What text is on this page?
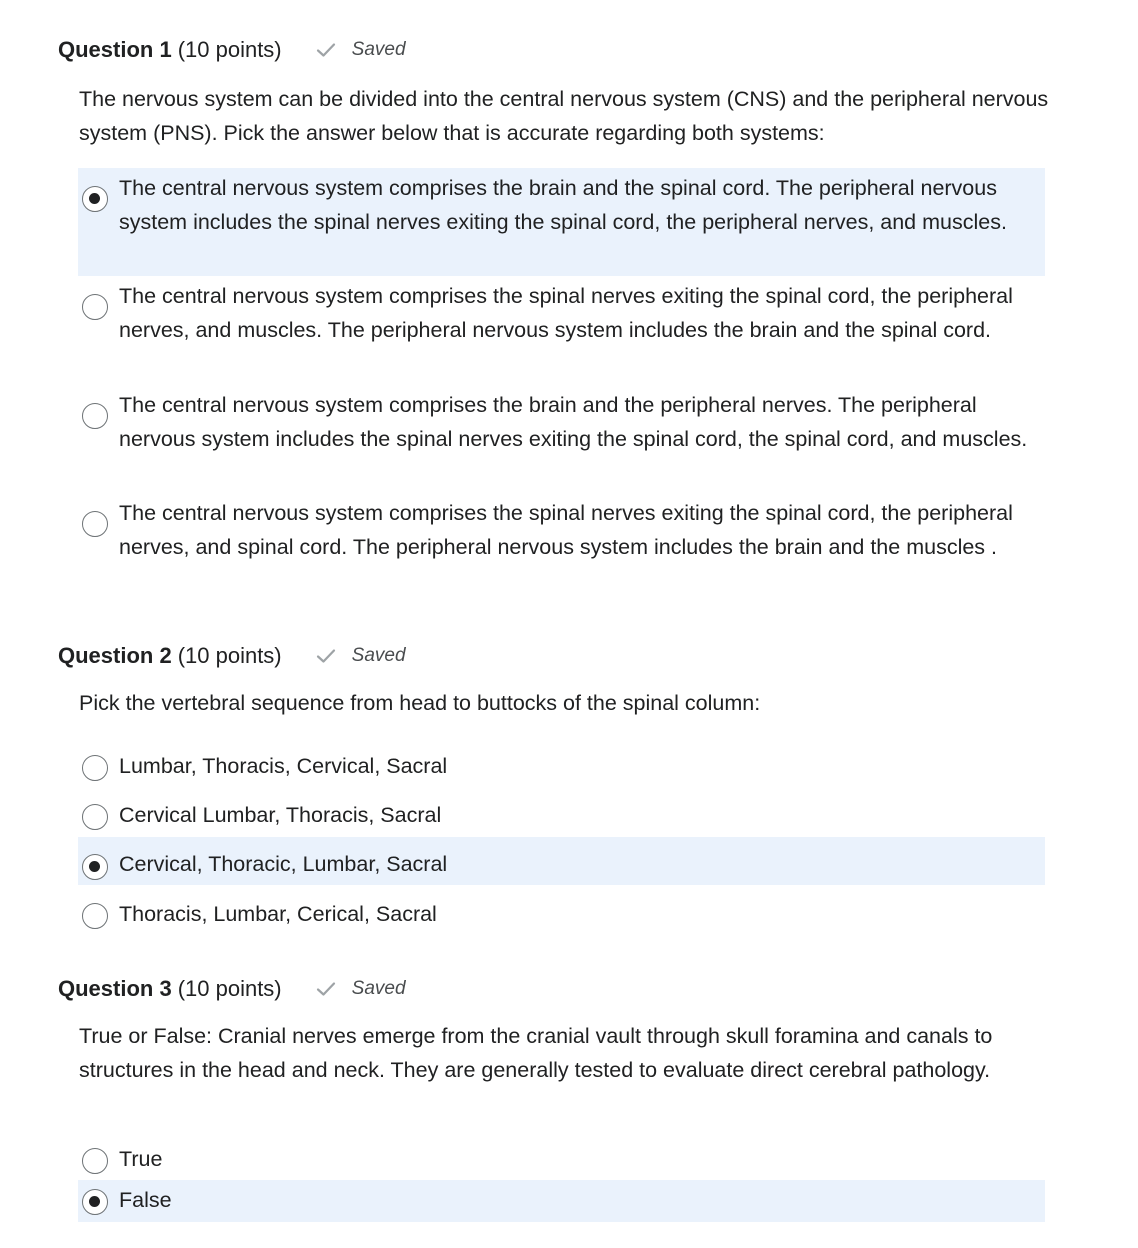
Question 1 (10 points)	Saved
The nervous system can be divided into the central nervous system (CNS) and the peripheral nervous system (PNS). Pick the answer below that is accurate regarding both systems:
The central nervous system comprises the brain and the spinal cord. The peripheral nervous system includes the spinal nerves exiting the spinal cord, the peripheral nerves, and muscles.
The central nervous system comprises the spinal nerves exiting the spinal cord, the peripheral nerves, and muscles. The peripheral nervous system includes the brain and the spinal cord.
The central nervous system comprises the brain and the peripheral nerves. The peripheral nervous system includes the spinal nerves exiting the spinal cord, the spinal cord, and muscles.
The central nervous system comprises the spinal nerves exiting the spinal cord, the peripheral nerves, and spinal cord. The peripheral nervous system includes the brain and the muscles .
Question 2 (10 points)	Saved
Pick the vertebral sequence from head to buttocks of the spinal column:
Lumbar, Thoracis, Cervical, Sacral
Cervical Lumbar, Thoracis, Sacral
Cervical, Thoracic, Lumbar, Sacral
Thoracis, Lumbar, Cerical, Sacral
Question 3 (10 points)	Saved
True or False: Cranial nerves emerge from the cranial vault through skull foramina and canals to structures in the head and neck. They are generally tested to evaluate direct cerebral pathology.
True
False
